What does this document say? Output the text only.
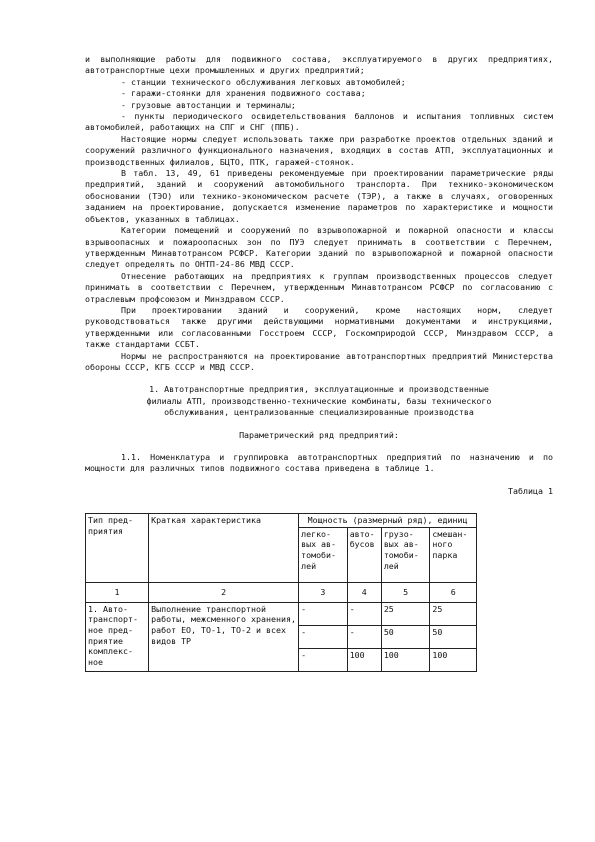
и выполняющие работы для подвижного состава, эксплуатируемого в других предприятиях, автотранспортные цехи промышленных и других предприятий;

- станции технического обслуживания легковых автомобилей;

- гаражи-стоянки для хранения подвижного состава;

- грузовые автостанции и терминалы;

- пункты периодического освидетельствования баллонов и испытания топливных систем автомобилей, работающих на СПГ и СНГ (ППБ).

Настоящие нормы следует использовать также при разработке проектов отдельных зданий и сооружений различного функционального назначения, входящих в состав АТП, эксплуатационных и производственных филиалов, БЦТО, ПТК, гаражей-стоянок.

В табл. 13, 49, 61 приведены рекомендуемые при проектировании параметрические ряды предприятий, зданий и сооружений автомобильного транспорта. При технико-экономическом обосновании (ТЭО) или технико-экономическом расчете (ТЭР), а также в случаях, оговоренных заданием на проектирование, допускается изменение параметров по характеристике и мощности объектов, указанных в таблицах.

Категории помещений и сооружений по взрывопожарной и пожарной опасности и классы взрывоопасных и пожароопасных зон по ПУЭ следует принимать в соответствии с Перечнем, утвержденным Минавтотрансом РСФСР. Категории зданий по взрывопожарной и пожарной опасности следует определять по ОНТП-24-86 МВД СССР.

Отнесение работающих на предприятиях к группам производственных процессов следует принимать в соответствии с Перечнем, утвержденным Минавтотрансом РСФСР по согласованию с отраслевым профсоюзом и Минздравом СССР.

При проектировании зданий и сооружений, кроме настоящих норм, следует руководствоваться также другими действующими нормативными документами и инструкциями, утвержденными или согласованными Госстроем СССР, Госкомприродой СССР, Минздравом СССР, а также стандартами ССБТ.

Нормы не распространяются на проектирование автотранспортных предприятий Министерства обороны СССР, КГБ СССР и МВД СССР.

1. Автотранспортные предприятия, эксплуатационные и производственные филиалы АТП, производственно-технические комбинаты, базы технического обслуживания, централизованные специализированные производства

Параметрический ряд предприятий:

1.1. Номенклатура и группировка автотранспортных предприятий по назначению и по мощности для различных типов подвижного состава приведена в таблице 1.

Таблица 1

Тип пред-приятия	Краткая характеристика	Мощность (размерный ряд), единиц			
		легко-вых ав-томоби-лей	авто-бусов	грузо-вых ав-томоби-лей	смешан-ного парка
1	2	3	4	5	6
1. Авто-транспорт-ное пред-приятие комплекс-ное	Выполнение транспортной работы, межсменного хранения, работ ЕО, ТО-1, ТО-2 и всех видов ТР	-	-	25	25
		-	-	50	50
		-	100	100	100
